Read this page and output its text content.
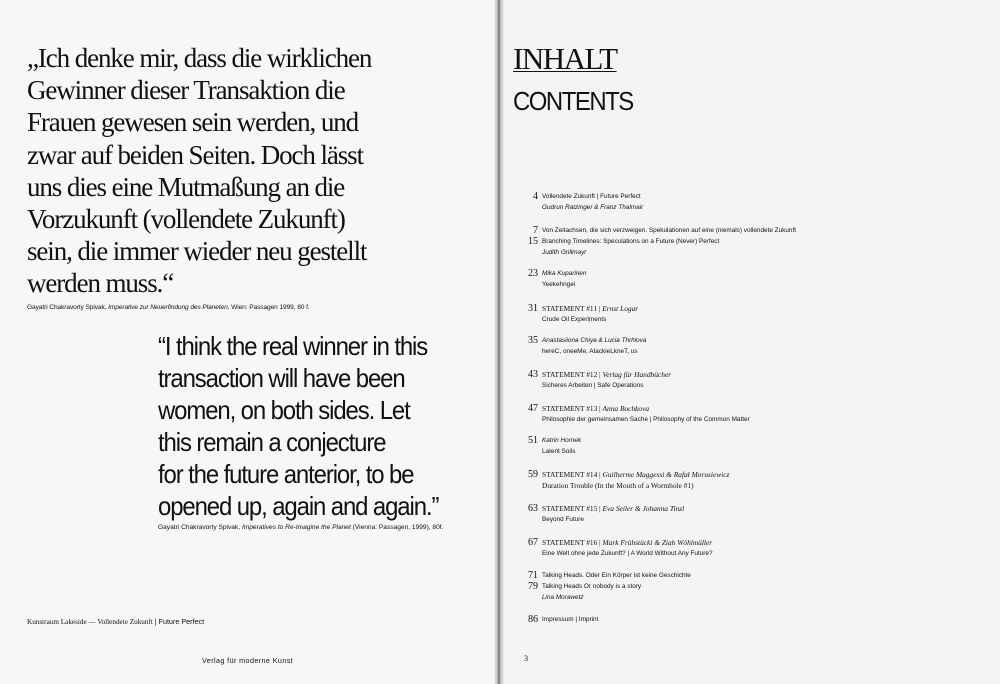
„Ich denke mir, dass die wirklichen
Gewinner dieser Transaktion die
Frauen gewesen sein werden, und
zwar auf beiden Seiten. Doch lässt
uns dies eine Mutmaßung an die
Vorzukunft (vollendete Zukunft)
sein, die immer wieder neu gestellt
werden muss.“
Gayatri Chakravorty Spivak, Imperative zur Neuerfindung des Planeten, Wien: Passagen 1999, 80 f.
“I think the real winner in this
transaction will have been
women, on both sides. Let
this remain a conjecture
for the future anterior, to be
opened up, again and again.”
Gayatri Chakravorty Spivak, Imperatives to Re-Imagine the Planet (Vienna: Passagen, 1999), 80f.
Kunstraum Lakeside — Vollendete Zukunft | Future Perfect
Verlag für moderne Kunst
INHALT
CONTENTS
4 Vollendete Zukunft | Future Perfect
Gudrun Ratzinger & Franz Thalmair
7 Von Zeitachsen, die sich verzweigen. Spekulationen auf eine (niemals) vollendete Zukunft
15 Branching Timelines: Speculations on a Future (Never) Perfect
Judith Grillmayr
23 Mika Kuparinen
Yeekehngei
31 STATEMENT #11 | Ernst Logar
Crude Oil Experiments
35 Anastasiiona Chiya & Lucia Thrhlova
hereC, oneeMe, AtackieLkneT, us
43 STATEMENT #12 | Verlag für Handbücher
Sicheres Arbeiten | Safe Operations
47 STATEMENT #13 | Anna Bochkova
Philosophie der gemeinsamen Sache | Philosophy of the Common Matter
51 Katrin Hornek
Latent Soils
59 STATEMENT #14 | Guilherme Maggessi & Rafał Morusiewicz
Duration Trouble (In the Mouth of a Wormhole #1)
63 STATEMENT #15 | Eva Seiler & Johanna Tinzl
Beyond Future
67 STATEMENT #16 | Mark Frühstückl & Ziah Wöhlmüller
Eine Welt ohne jede Zukunft? | A World Without Any Future?
71 Talking Heads. Oder Ein Körper ist keine Geschichte
79 Talking Heads Or nobody is a story
Lina Morawetz
86 Impressum | Imprint
3
